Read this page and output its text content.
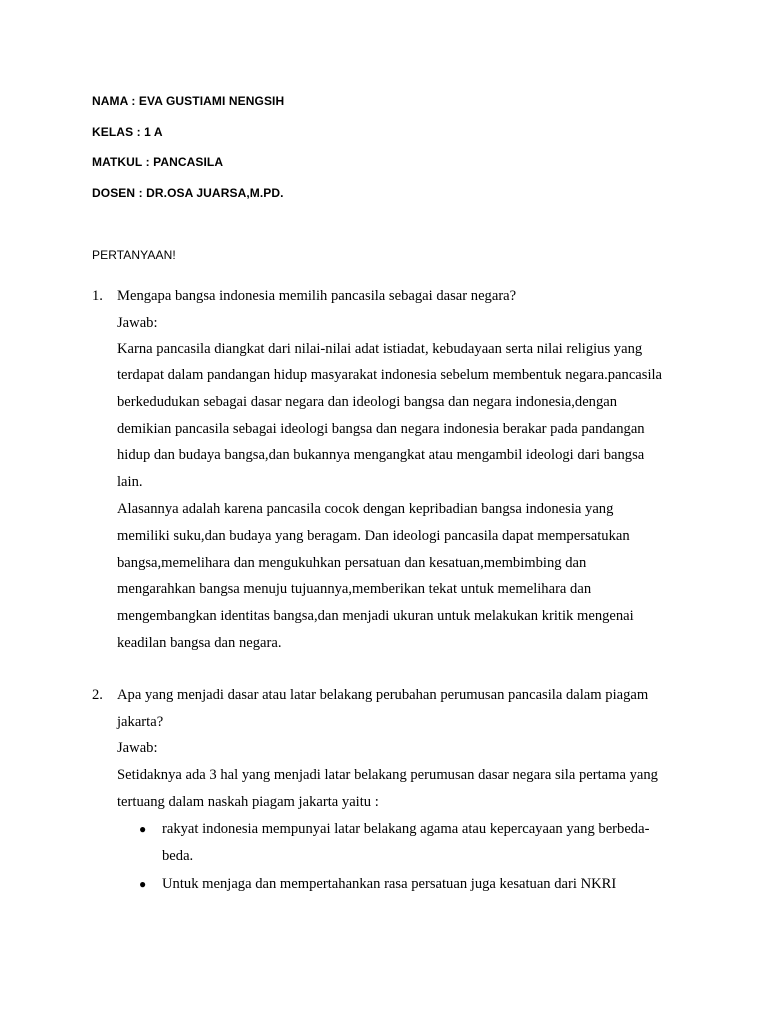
NAMA : EVA GUSTIAMI NENGSIH
KELAS : 1 A
MATKUL : PANCASILA
DOSEN : DR.OSA JUARSA,M.PD.
PERTANYAAN!
1. Mengapa bangsa indonesia memilih pancasila sebagai dasar negara?
Jawab:
Karna pancasila diangkat dari nilai-nilai adat istiadat, kebudayaan serta nilai religius yang
terdapat dalam pandangan hidup masyarakat indonesia sebelum membentuk negara.pancasila
berkedudukan sebagai dasar negara dan ideologi bangsa dan negara indonesia,dengan
demikian pancasila sebagai ideologi bangsa dan negara indonesia berakar pada pandangan
hidup dan budaya bangsa,dan bukannya mengangkat atau mengambil ideologi dari bangsa
lain.
Alasannya adalah karena pancasila cocok dengan kepribadian bangsa indonesia yang
memiliki suku,dan budaya yang beragam. Dan ideologi pancasila dapat mempersatukan
bangsa,memelihara dan mengukuhkan persatuan dan kesatuan,membimbing dan
mengarahkan bangsa menuju tujuannya,memberikan tekat untuk memelihara dan
mengembangkan identitas bangsa,dan menjadi ukuran untuk melakukan kritik mengenai
keadilan bangsa dan negara.
2. Apa yang menjadi dasar atau latar belakang perubahan perumusan pancasila dalam piagam
jakarta?
Jawab:
Setidaknya ada 3 hal yang menjadi latar belakang perumusan dasar negara sila pertama yang
tertuang dalam naskah piagam jakarta yaitu :
● rakyat indonesia mempunyai latar belakang agama atau kepercayaan yang berbeda-
beda.
● Untuk menjaga dan mempertahankan rasa persatuan juga kesatuan dari NKRI
